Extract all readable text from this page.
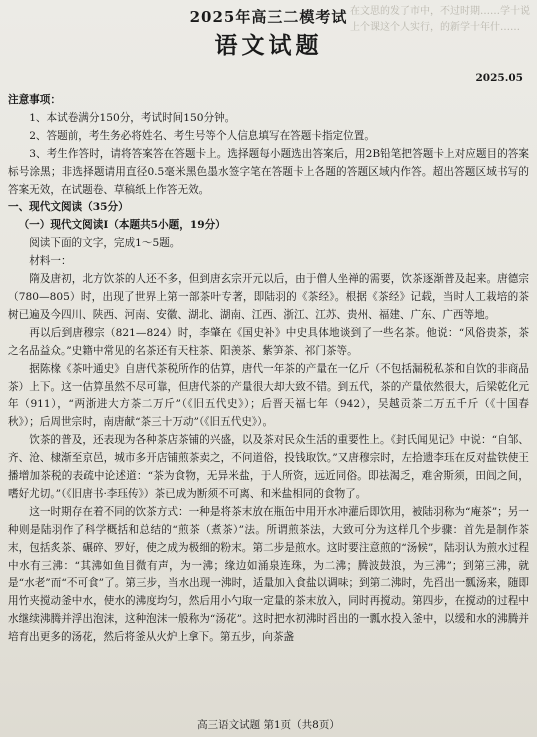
在文思的发了市中，不过时期……学十说上个课这个人实行，的新学十年什……
2025年高三二模考试
语文试题
2025.05

注意事项：

1、本试卷满分150分，考试时间150分钟。

2、答题前，考生务必将姓名、考生号等个人信息填写在答题卡指定位置。

3、考生作答时，请将答案答在答题卡上。选择题每小题选出答案后，用2B铅笔把答题卡上对应题目的答案标号涂黑；非选择题请用直径0.5毫米黑色墨水签字笔在答题卡上各题的答题区域内作答。超出答题区域书写的答案无效，在试题卷、草稿纸上作答无效。

一、现代文阅读（35分）

（一）现代文阅读Ⅰ（本题共5小题，19分）

阅读下面的文字，完成1～5题。

材料一：

隋及唐初，北方饮茶的人还不多，但到唐玄宗开元以后，由于僧人坐禅的需要，饮茶逐渐普及起来。唐德宗（780—805）时，出现了世界上第一部茶叶专著，即陆羽的《茶经》。根据《茶经》记载，当时人工栽培的茶树已遍及今四川、陕西、河南、安徽、湖北、湖南、江西、浙江、江苏、贵州、福建、广东、广西等地。

再以后到唐穆宗（821—824）时，李肇在《国史补》中史具体地谈到了一些名茶。他说：“风俗贵茶，茶之名品益众。”史籍中常见的名茶还有天柱茶、阳羡茶、紫笋茶、祁门茶等。

据陈椽《茶叶通史》自唐代茶税所作的估算，唐代一年茶的产量在一亿斤（不包括漏税私茶和自饮的非商品茶）上下。这一估算虽然不尽可靠，但唐代茶的产量很大却大致不错。到五代，茶的产量依然很大，后梁乾化元年（911），“两浙进大方茶二万斤”（《旧五代史》）；后晋天福七年（942），吴越贡茶二万五千斤（《十国春秋》）；后周世宗时，南唐献“茶三十万动”（《旧五代史》）。

饮茶的普及，还表现为各种茶店茶铺的兴盛，以及茶对民众生活的重要性上。《封氏闻见记》中说：“自邹、齐、沧、棣渐至京邑，城市多开店铺煎茶卖之，不问道俗，投钱取饮。”又唐穆宗时，左拾遗李珏在反对盐铁使王播增加茶税的表疏中论述道：“茶为食物，无异米盐，于人所资，远近同俗。即祛渴乏，难舍斯须，田闾之间，嗜好尤切。”（《旧唐书·李珏传》）茶已成为断须不可离、和米盐相同的食物了。

这一时期存在着不同的饮茶方式：一种是将茶末放在瓶缶中用开水冲灌后即饮用，被陆羽称为“庵茶”；另一种则是陆羽作了科学概括和总结的“煎茶（煮茶）”法。所谓煎茶法，大致可分为这样几个步骤：首先是制作茶末，包括炙茶、碾碎、罗好，使之成为极细的粉末。第二步是煎水。这时要注意煎的“汤候”，陆羽认为煎水过程中水有三沸：“其沸如鱼目微有声，为一沸；缘边如涌泉连珠，为二沸；腾波鼓浪，为三沸”；到第三沸，就是“水老”而“不可食”了。第三步，当水出现一沸时，适量加入食盐以调味；到第二沸时，先舀出一瓢汤来，随即用竹夹搅动釜中水，使水的沸度均匀，然后用小勺取一定量的茶末放入，同时再搅动。第四步，在搅动的过程中水继续沸腾并浮出泡沫，这种泡沫一般称为“汤花”。这时把水初沸时舀出的一瓢水投入釜中，以缓和水的沸腾并培育出更多的汤花，然后将釜从火炉上拿下。第五步，向茶盏

高三语文试题 第1页（共8页）
